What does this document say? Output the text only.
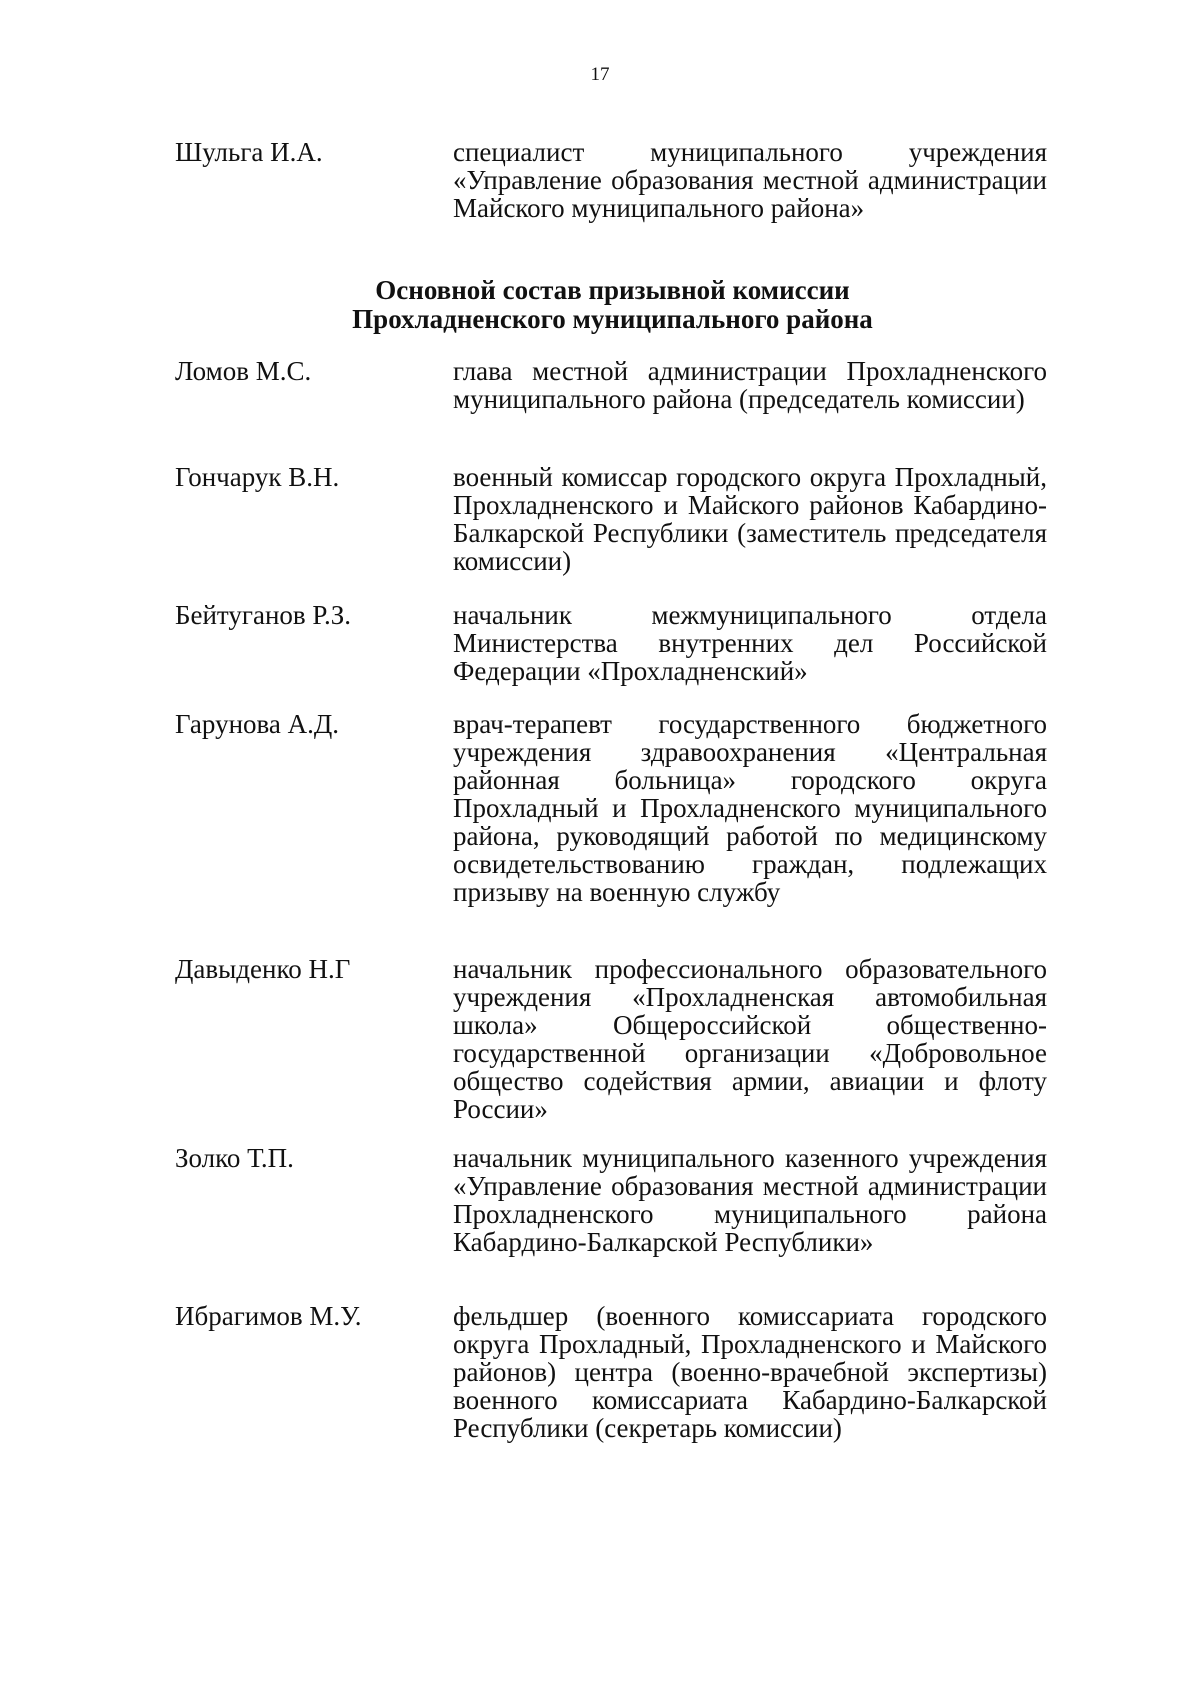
17
Шульга И.А.	специалист муниципального учреждения «Управление образования местной администрации Майского муниципального района»
Основной состав призывной комиссии
Прохладненского муниципального района
Ломов М.С.	глава местной администрации Прохладненского муниципального района (председатель комиссии)
Гончарук В.Н.	военный комиссар городского округа Прохладный, Прохладненского и Майского районов Кабардино-Балкарской Республики (заместитель председателя комиссии)
Бейтуганов Р.З.	начальник межмуниципального отдела Министерства внутренних дел Российской Федерации «Прохладненский»
Гарунова А.Д.	врач-терапевт государственного бюджетного учреждения здравоохранения «Центральная районная больница» городского округа Прохладный и Прохладненского муниципального района, руководящий работой по медицинскому освидетельствованию граждан, подлежащих призыву на военную службу
Давыденко Н.Г	начальник профессионального образовательного учреждения «Прохладненская автомобильная школа» Общероссийской общественно-государственной организации «Добровольное общество содействия армии, авиации и флоту России»
Золко Т.П.	начальник муниципального казенного учреждения «Управление образования местной администрации Прохладненского муниципального района Кабардино-Балкарской Республики»
Ибрагимов М.У.	фельдшер (военного комиссариата городского округа Прохладный, Прохладненского и Майского районов) центра (военно-врачебной экспертизы) военного комиссариата Кабардино-Балкарской Республики (секретарь комиссии)
